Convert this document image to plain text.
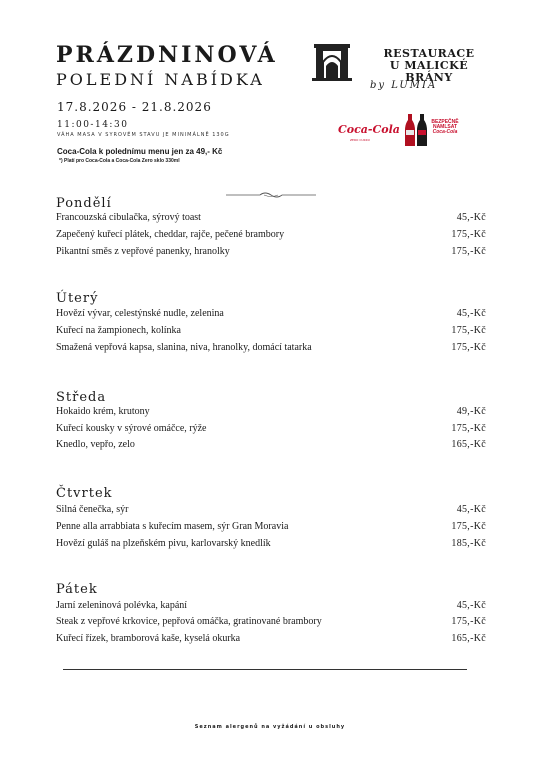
PRÁZDNINOVÁ
POLEDNÍ NABÍDKA
17.8.2026 - 21.8.2026
11:00-14:30
VÁHA MASA V SYROVÉM STAVU JE MINIMÁLNĚ 130G
Coca-Cola k polednímu menu jen za 49,- Kč
*) Platí pro Coca-Cola a Coca-Cola Zero sklo 330ml
RESTAURACE
U MALICKÉ BRÁNY
by LUMIA
Coca-Cola
ZERO CUKRU
BEZPEČNĚ
NAMLSAT
Coca-Cola
Pondělí
Francouzská cibulačka, sýrový toast	45,-Kč
Zapečený kuřecí plátek, cheddar, rajče, pečené brambory	175,-Kč
Pikantní směs z vepřové panenky, hranolky	175,-Kč
Úterý
Hovězí vývar, celestýnské nudle, zelenina	45,-Kč
Kuřecí na žampionech, kolínka	175,-Kč
Smažená vepřová kapsa, slanina, niva, hranolky, domácí tatarka	175,-Kč
Středa
Hokaido krém, krutony	49,-Kč
Kuřecí kousky v sýrové omáčce, rýže	175,-Kč
Knedlo, vepřo, zelo	165,-Kč
Čtvrtek
Silná čenečka, sýr	45,-Kč
Penne alla arrabbiata s kuřecím masem, sýr Gran Moravia	175,-Kč
Hovězí guláš na plzeňském pivu, karlovarský knedlík	185,-Kč
Pátek
Jarní zeleninová polévka, kapání	45,-Kč
Steak z vepřové krkovice, pepřová omáčka, gratinované brambory	175,-Kč
Kuřecí řízek, bramborová kaše, kyselá okurka	165,-Kč
Seznam alergenů na vyžádání u obsluhy
